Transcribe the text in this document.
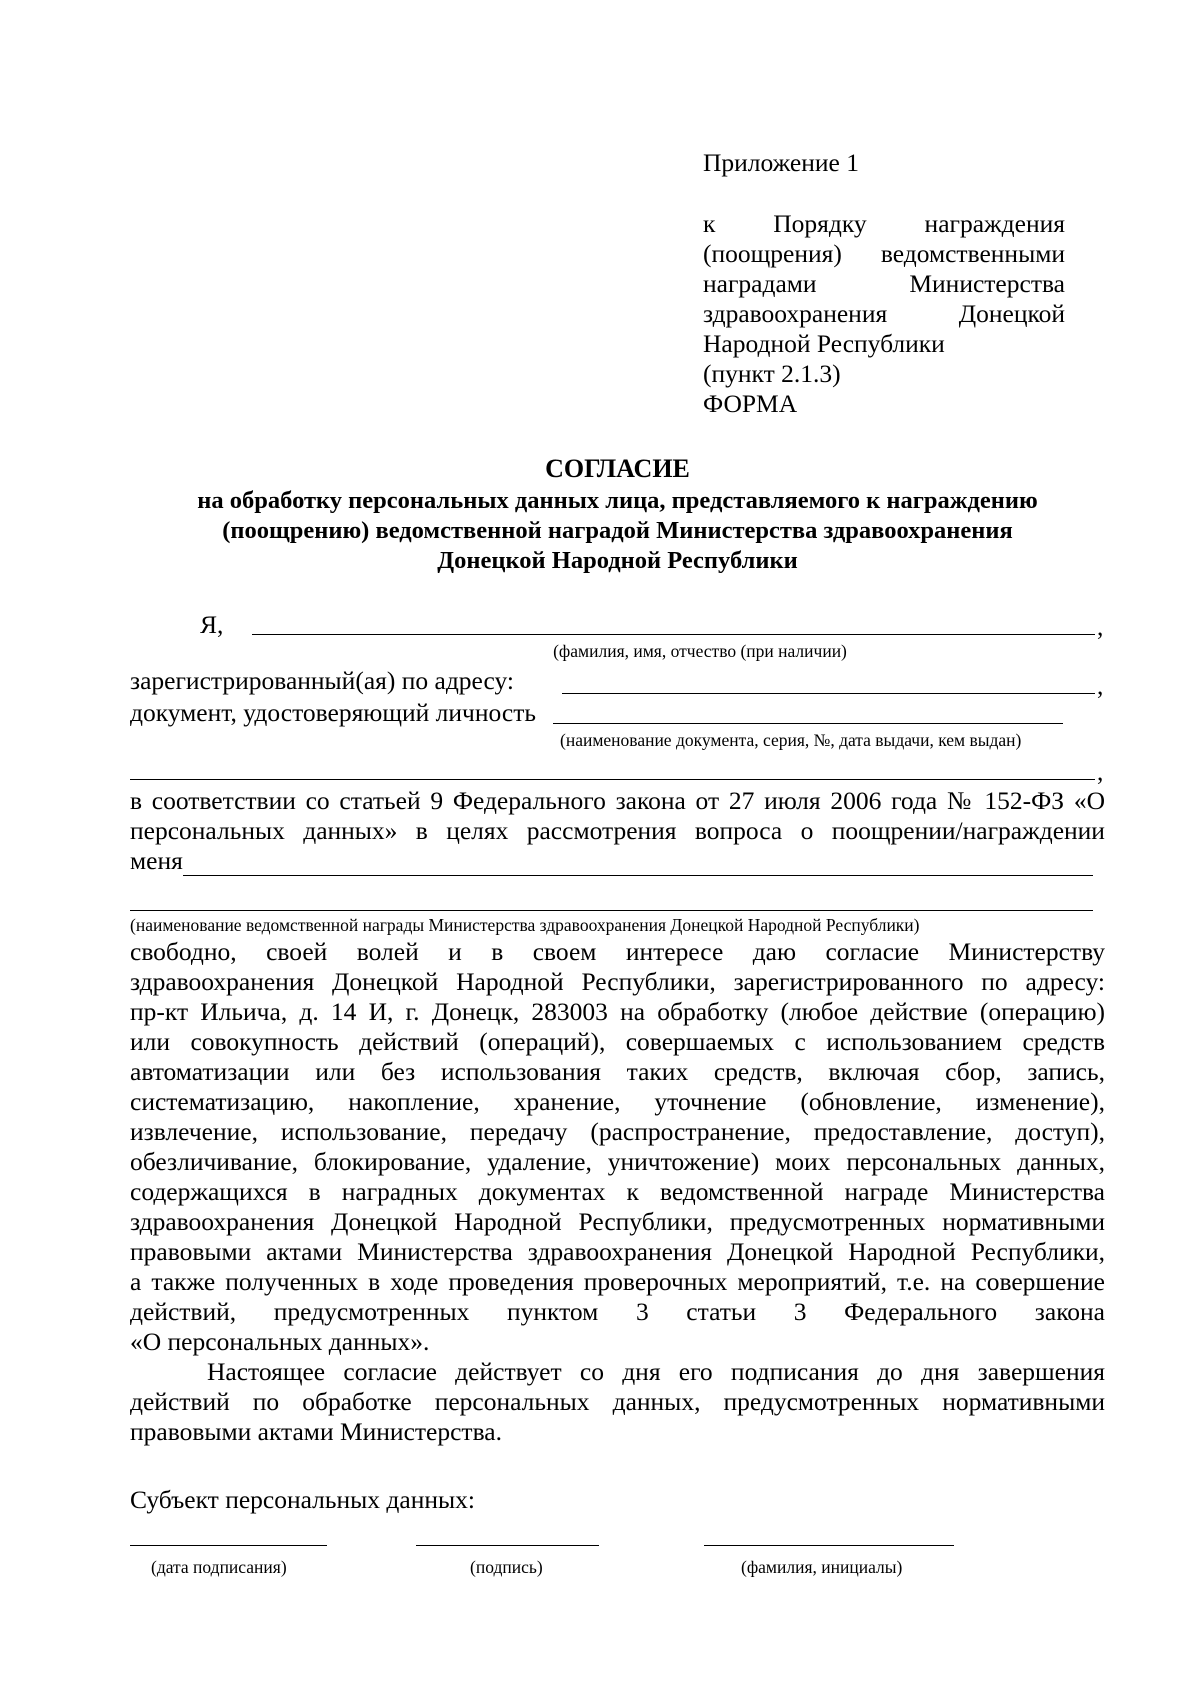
Приложение 1
к Порядку награждения
(поощрения) ведомственными
наградами	Министерства
здравоохранения	Донецкой
Народной Республики
(пункт 2.1.3)
ФОРМА
СОГЛАСИЕ
на обработку персональных данных лица, представляемого к награждению
(поощрению) ведомственной наградой Министерства здравоохранения
Донецкой Народной Республики
Я,	,
(фамилия, имя, отчество (при наличии)
зарегистрированный(ая) по адресу:	,
документ, удостоверяющий личность
(наименование документа, серия, №, дата выдачи, кем выдан)
,
в соответствии со статьей 9 Федерального закона от 27 июля 2006 года № 152-ФЗ «О
персональных данных» в целях рассмотрения вопроса о поощрении/награждении
меня
(наименование ведомственной награды Министерства здравоохранения Донецкой Народной Республики)
свободно, своей волей и в своем интересе даю согласие Министерству
здравоохранения Донецкой Народной Республики, зарегистрированного по адресу:
пр-кт Ильича, д. 14 И, г. Донецк, 283003 на обработку (любое действие (операцию)
или совокупность действий (операций), совершаемых с использованием средств
автоматизации или без использования таких средств, включая сбор, запись,
систематизацию, накопление, хранение, уточнение (обновление, изменение),
извлечение, использование, передачу (распространение, предоставление, доступ),
обезличивание, блокирование, удаление, уничтожение) моих персональных данных,
содержащихся в наградных документах к ведомственной награде Министерства
здравоохранения Донецкой Народной Республики, предусмотренных нормативными
правовыми актами Министерства здравоохранения Донецкой Народной Республики,
а также полученных в ходе проведения проверочных мероприятий, т.е. на совершение
действий, предусмотренных пунктом 3 статьи 3 Федерального закона
«О персональных данных».
Настоящее согласие действует со дня его подписания до дня завершения
действий по обработке персональных данных, предусмотренных нормативными
правовыми актами Министерства.
Субъект персональных данных:
(дата подписания)	(подпись)	(фамилия, инициалы)
